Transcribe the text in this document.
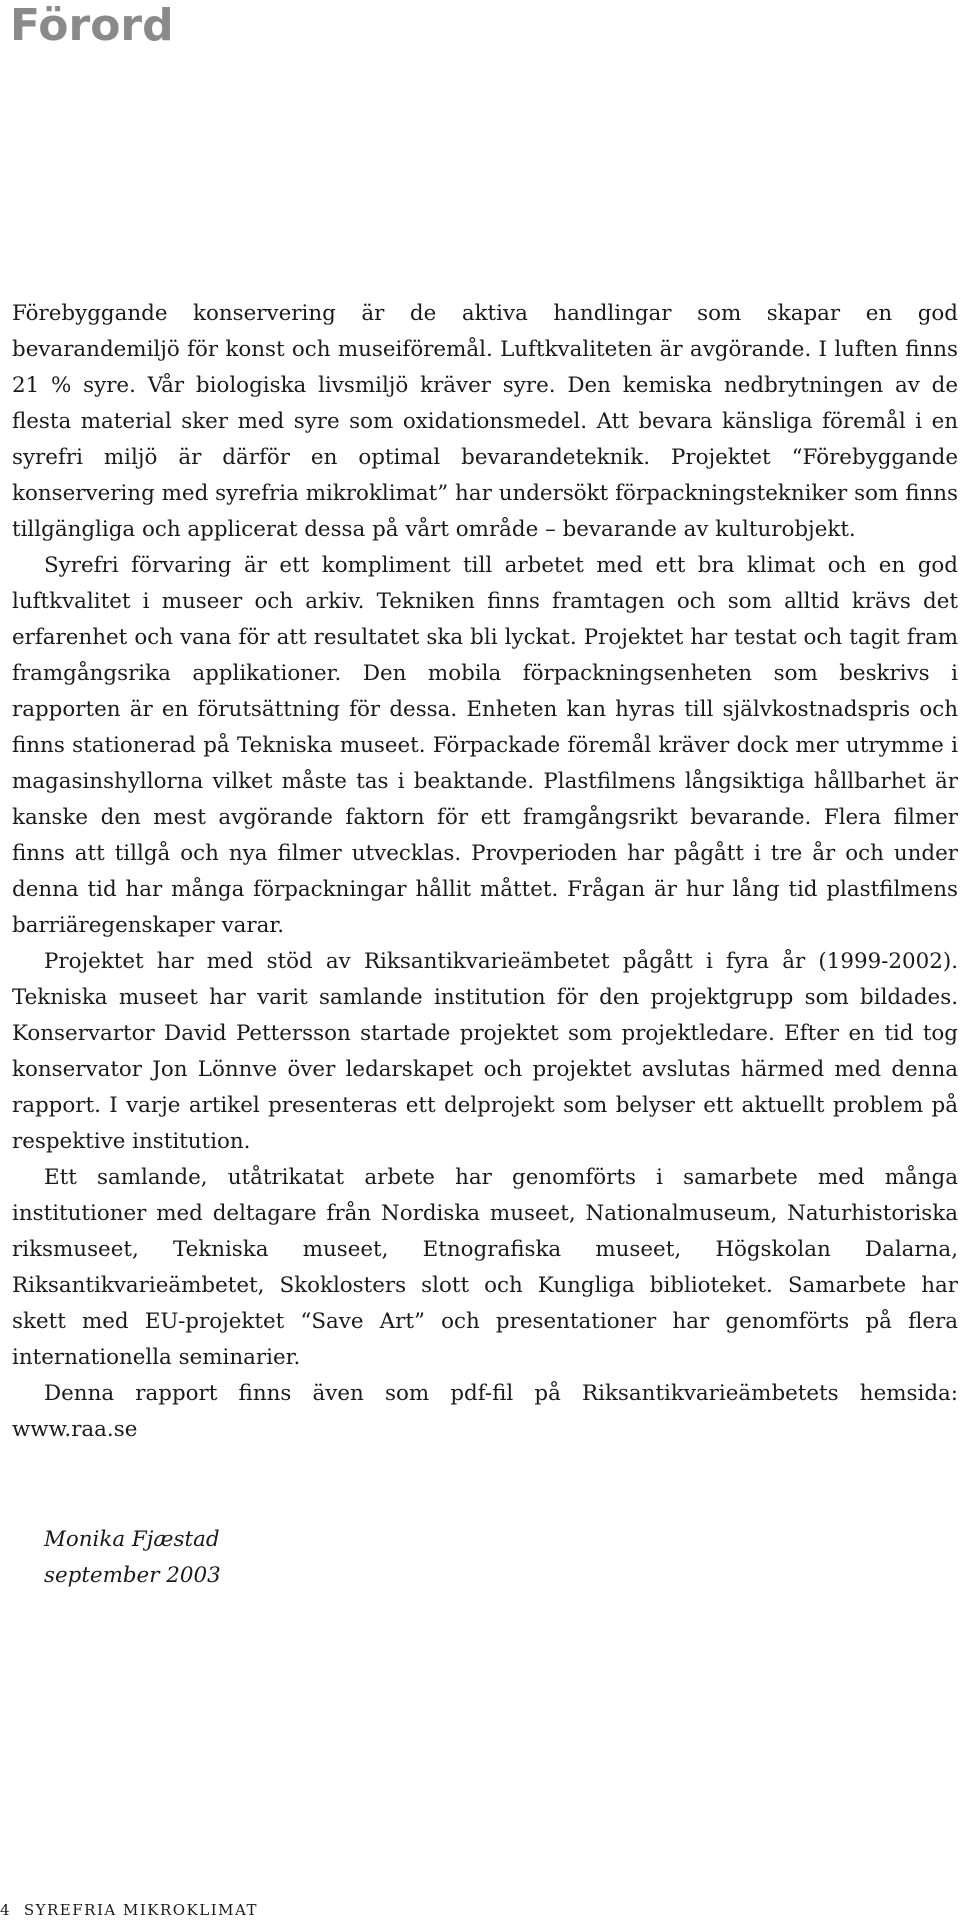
Förord

Förebyggande konservering är de aktiva handlingar som skapar en god bevarandemiljö för konst och museiföremål. Luftkvaliteten är avgörande. I luften finns 21 % syre. Vår biologiska livsmiljö kräver syre. Den kemiska nedbrytningen av de flesta material sker med syre som oxidationsmedel. Att bevara känsliga föremål i en syrefri miljö är därför en optimal bevarandeteknik. Projektet “Förebyggande konservering med syrefria mikroklimat” har undersökt förpackningstekniker som finns tillgängliga och applicerat dessa på vårt område – bevarande av kulturobjekt.

Syrefri förvaring är ett kompliment till arbetet med ett bra klimat och en god luftkvalitet i museer och arkiv. Tekniken finns framtagen och som alltid krävs det erfarenhet och vana för att resultatet ska bli lyckat. Projektet har testat och tagit fram framgångsrika applikationer. Den mobila förpackningsenheten som beskrivs i rapporten är en förutsättning för dessa. Enheten kan hyras till självkostnadspris och finns stationerad på Tekniska museet. Förpackade föremål kräver dock mer utrymme i magasinshyllorna vilket måste tas i beaktande. Plastfilmens långsiktiga hållbarhet är kanske den mest avgörande faktorn för ett framgångsrikt bevarande. Flera filmer finns att tillgå och nya filmer utvecklas. Provperioden har pågått i tre år och under denna tid har många förpackningar hållit måttet. Frågan är hur lång tid plastfilmens barriäregenskaper varar.

Projektet har med stöd av Riksantikvarieämbetet pågått i fyra år (1999-2002). Tekniska museet har varit samlande institution för den projektgrupp som bildades. Konservartor David Pettersson startade projektet som projektledare. Efter en tid tog konservator Jon Lönnve över ledarskapet och projektet avslutas härmed med denna rapport. I varje artikel presenteras ett delprojekt som belyser ett aktuellt problem på respektive institution.

Ett samlande, utåtrikatat arbete har genomförts i samarbete med många institutioner med deltagare från Nordiska museet, Nationalmuseum, Naturhistoriska riksmuseet, Tekniska museet, Etnografiska museet, Högskolan Dalarna, Riksantikvarieämbetet, Skoklosters slott och Kungliga biblioteket. Samarbete har skett med EU-projektet “Save Art” och presentationer har genomförts på flera internationella seminarier.

Denna rapport finns även som pdf-fil på Riksantikvarieämbetets hemsida: www.raa.se

Monika Fjæstad
september 2003
4 SYREFRIA MIKROKLIMAT
